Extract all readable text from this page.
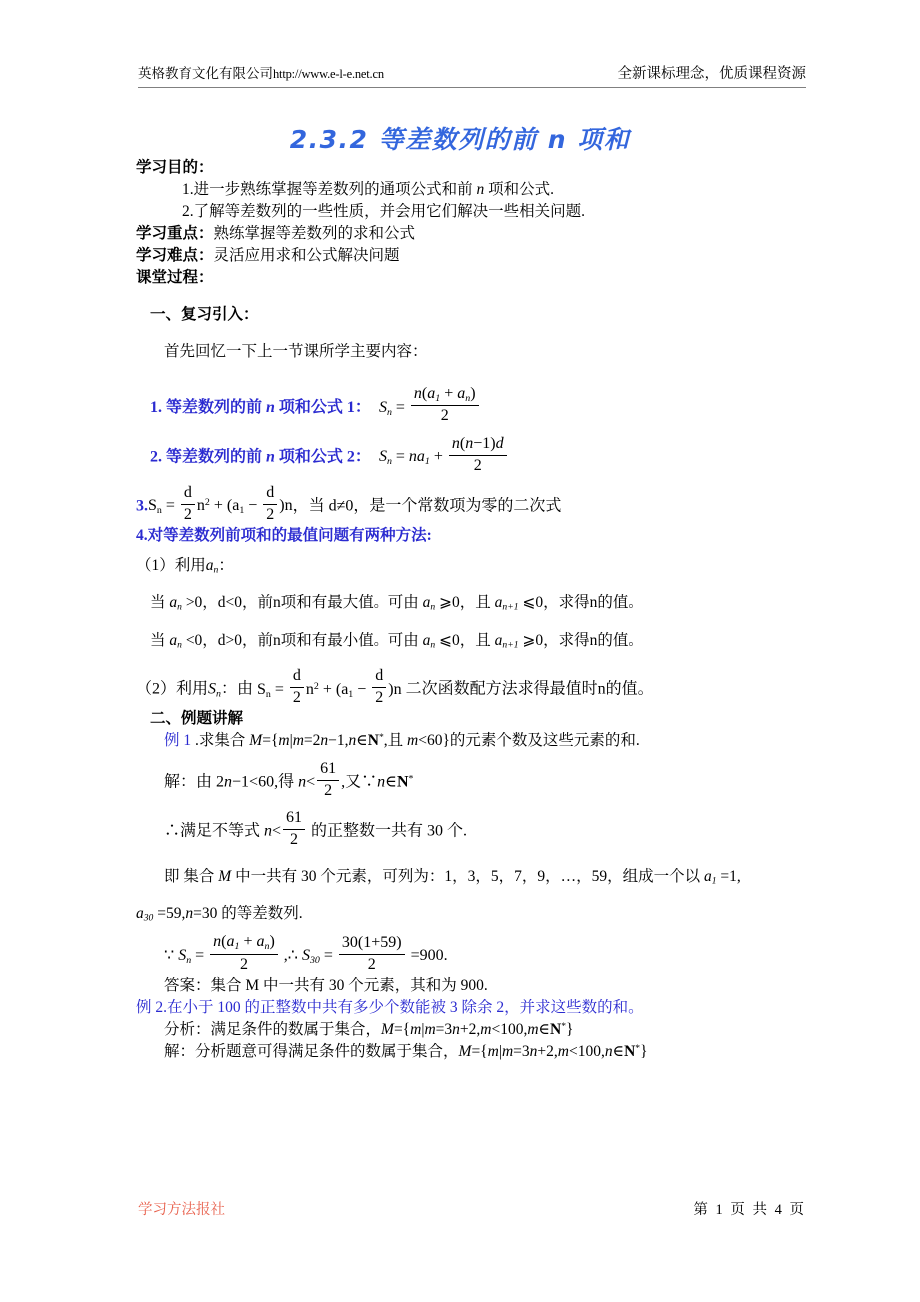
英格教育文化有限公司http://www.e-l-e.net.cn	全新课标理念，优质课程资源
2.3.2 等差数列的前 n 项和
学习目的：
1.进一步熟练掌握等差数列的通项公式和前 n 项和公式.
2.了解等差数列的一些性质，并会用它们解决一些相关问题.
学习重点：熟练掌握等差数列的求和公式
学习难点：灵活应用求和公式解决问题
课堂过程：
一、复习引入：
首先回忆一下上一节课所学主要内容：
1. 等差数列的前 n 项和公式 1： $S_n = \frac{n(a_1 + a_n)}{2}$
2. 等差数列的前 n 项和公式 2： $S_n = na_1 + \frac{n(n-1)d}{2}$
$3.S_n = \frac{d}{2} n^2 + (a_1 - \frac{d}{2} )n$，当 d≠0，是一个常数项为零的二次式
4.对等差数列前项和的最值问题有两种方法:
（1）利用$a_n$：
当 $a_n >0$，d<0，前n项和有最大值。可由 $a_n$ ⩾0，且 $a_{n+1}$ ⩽0，求得n的值。
当 $a_n <0$，d>0，前n项和有最小值。可由 $a_n$ ⩽0，且 $a_{n+1}$ ⩾0，求得n的值。
（2）利用$S_n$：由 $S_n = \frac{d}{2} n^2 + (a_1 - \frac{d}{2} )n$ 二次函数配方法求得最值时n的值。
二、例题讲解
例 1 .求集合 M={m|m=2n−1,n∈N*,且 m<60}的元素个数及这些元素的和.
解：由 2n−1<60,得 $n< \frac{61}{2}$ ,又∵n∈N*
∴满足不等式 $n< \frac{61}{2}$ 的正整数一共有 30 个.
即 集合 M 中一共有 30 个元素，可列为：1，3，5，7，9，…，59，组成一个以 $a_1 =1$,
$a_{30} =59,n=30$ 的等差数列.
∵ $S_n = \frac{n(a_1 + a_n)}{2}$ ,∴ $S_{30} = \frac{30(1+59)}{2} =900$.
答案：集合 M 中一共有 30 个元素，其和为 900.
例 2.在小于 100 的正整数中共有多少个数能被 3 除余 2，并求这些数的和。
分析：满足条件的数属于集合，M={m|m=3n+2,m<100,m∈N*}
解：分析题意可得满足条件的数属于集合，M={m|m=3n+2,m<100,n∈N*}
学习方法报社	第 1 页 共 4 页
